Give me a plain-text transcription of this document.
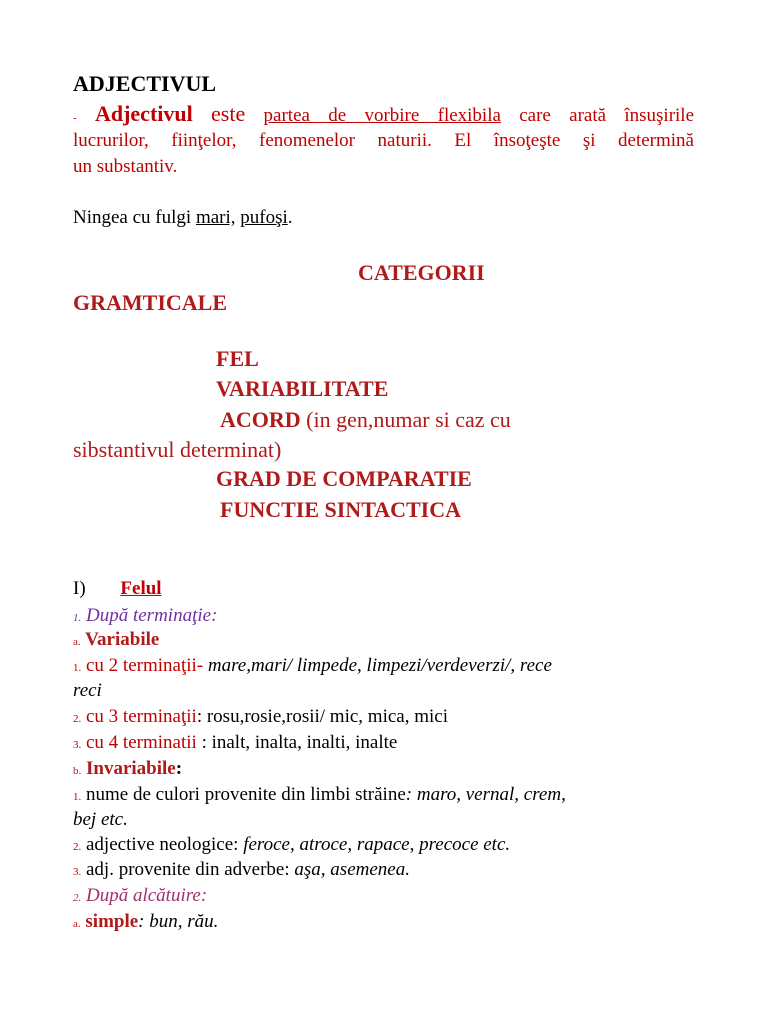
ADJECTIVUL
- Adjectivul este partea de vorbire flexibila care arată însuşirile
lucrurilor, fiinţelor, fenomenelor naturii. El însoţeşte şi determină
un substantiv.
Ningea cu fulgi mari, pufoşi.
CATEGORII
GRAMTICALE
FEL
VARIABILITATE
ACORD (in gen,numar si caz cu
sibstantivul determinat)
GRAD DE COMPARATIE
FUNCTIE SINTACTICA
I) Felul
1. După terminaţie:
a. Variabile
1. cu 2 terminaţii- mare,mari/ limpede, limpezi/verdeverzi/, rece
reci
2. cu 3 terminaţii: rosu,rosie,rosii/ mic, mica, mici
3. cu 4 terminatii : inalt, inalta, inalti, inalte
b. Invariabile:
1. nume de culori provenite din limbi străine: maro, vernal, crem,
bej etc.
2. adjective neologice: feroce, atroce, rapace, precoce etc.
3. adj. provenite din adverbe: aşa, asemenea.
2. După alcătuire:
a. simple: bun, rău.
